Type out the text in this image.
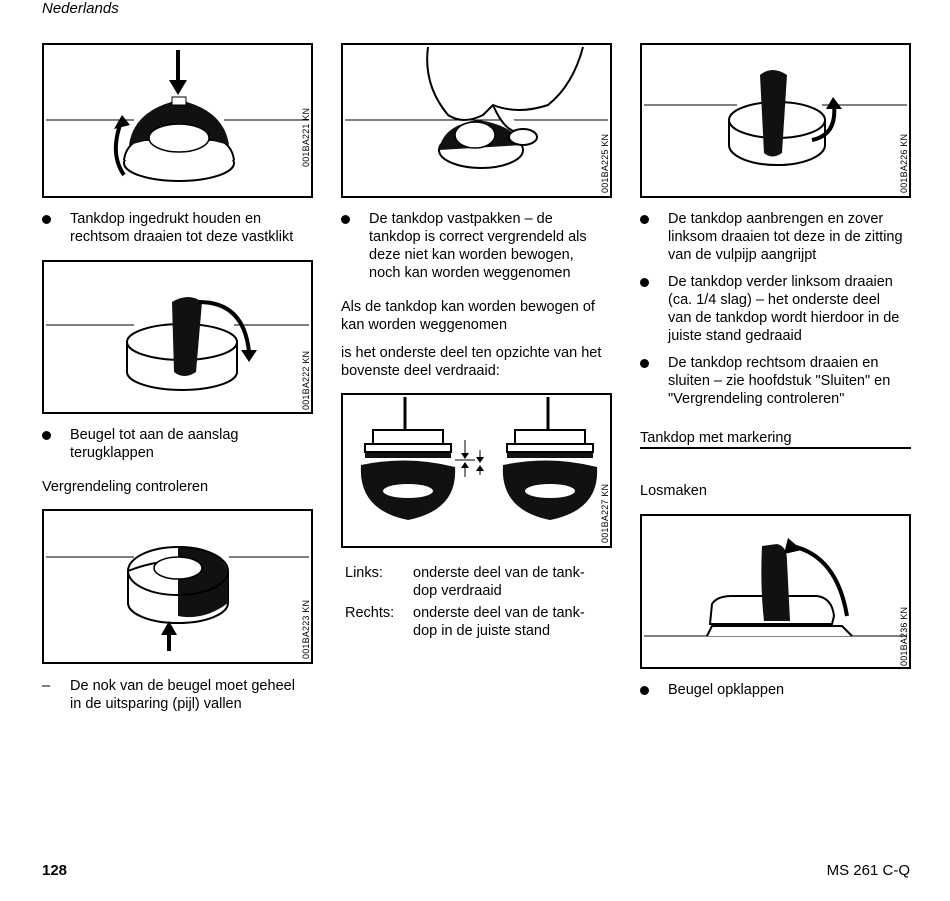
Nederlands
001BA221 KN
Tankdop ingedrukt houden en
rechtsom draaien tot deze vastklikt
001BA222 KN
Beugel tot aan de aanslag
terugklappen
Vergrendeling controleren
001BA223 KN
– De nok van de beugel moet geheel
in de uitsparing (pijl) vallen
001BA225 KN
De tankdop vastpakken – de
tankdop is correct vergrendeld als
deze niet kan worden bewogen,
noch kan worden weggenomen
Als de tankdop kan worden bewogen of
kan worden weggenomen
is het onderste deel ten opzichte van het
bovenste deel verdraaid:
001BA227 KN
Links: onderste deel van de tank-
dop verdraaid
Rechts: onderste deel van de tank-
dop in de juiste stand
001BA226 KN
De tankdop aanbrengen en zover
linksom draaien tot deze in de zitting
van de vulpijp aangrijpt
De tankdop verder linksom draaien
(ca. 1/4 slag) – het onderste deel
van de tankdop wordt hierdoor in de
juiste stand gedraaid
De tankdop rechtsom draaien en
sluiten – zie hoofdstuk "Sluiten" en
"Vergrendeling controleren"
Tankdop met markering
Losmaken
001BA236 KN
Beugel opklappen
128	MS 261 C-Q
